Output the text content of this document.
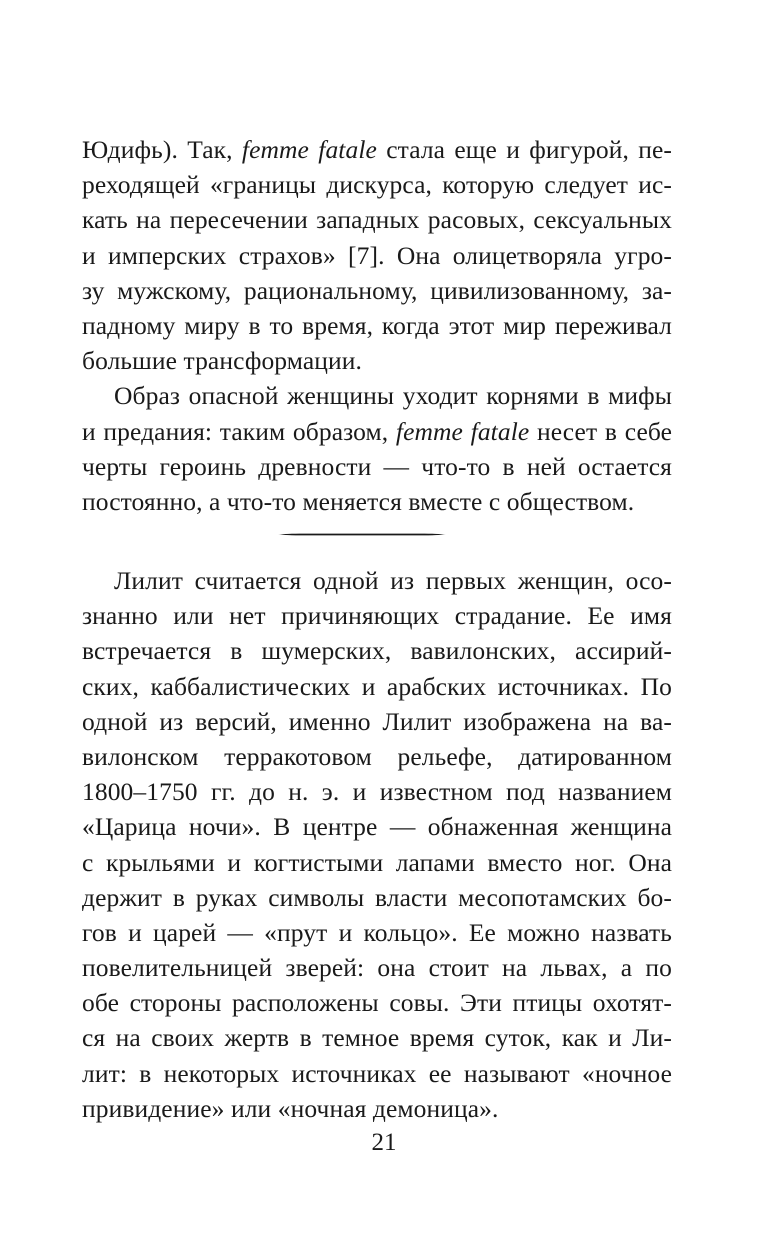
Юдифь). Так, femme fatale стала еще и фигурой, пе-
реходящей «границы дискурса, которую следует ис-
кать на пересечении западных расовых, сексуальных
и имперских страхов» [7]. Она олицетворяла угро-
зу мужскому, рациональному, цивилизованному, за-
падному миру в то время, когда этот мир переживал
большие трансформации.
Образ опасной женщины уходит корнями в мифы
и предания: таким образом, femme fatale несет в себе
черты героинь древности — что-то в ней остается
постоянно, а что-то меняется вместе с обществом.
Лилит считается одной из первых женщин, осо-
знанно или нет причиняющих страдание. Ее имя
встречается в шумерских, вавилонских, ассирий-
ских, каббалистических и арабских источниках. По
одной из версий, именно Лилит изображена на ва-
вилонском терракотовом рельефе, датированном
1800–1750 гг. до н. э. и известном под названием
«Царица ночи». В центре — обнаженная женщина
с крыльями и когтистыми лапами вместо ног. Она
держит в руках символы власти месопотамских бо-
гов и царей — «прут и кольцо». Ее можно назвать
повелительницей зверей: она стоит на львах, а по
обе стороны расположены совы. Эти птицы охотят-
ся на своих жертв в темное время суток, как и Ли-
лит: в некоторых источниках ее называют «ночное
привидение» или «ночная демоница».
21
